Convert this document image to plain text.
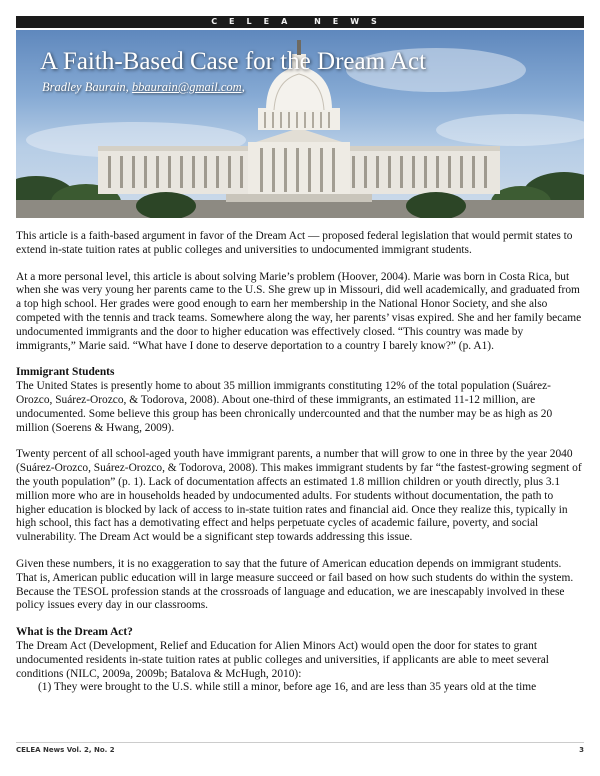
CELEA NEWS
A Faith-Based Case for the Dream Act
Bradley Baurain, bbaurain@gmail.com,

This article is a faith-based argument in favor of the Dream Act — proposed federal legislation that would permit states to extend in-state tuition rates at public colleges and universities to undocumented immigrant students.

At a more personal level, this article is about solving Marie’s problem (Hoover, 2004). Marie was born in Costa Rica, but when she was very young her parents came to the U.S. She grew up in Missouri, did well academically, and graduated from a top high school. Her grades were good enough to earn her membership in the National Honor Society, and she also competed with the tennis and track teams. Somewhere along the way, her parents’ visas expired. She and her family became undocumented immigrants and the door to higher education was effectively closed. “This country was made by immigrants,” Marie said. “What have I done to deserve deportation to a country I barely know?” (p. A1).

Immigrant Students

The United States is presently home to about 35 million immigrants constituting 12% of the total population (Suárez-Orozco, Suárez-Orozco, & Todorova, 2008). About one-third of these immigrants, an estimated 11-12 million, are undocumented. Some believe this group has been chronically undercounted and that the number may be as high as 20 million (Soerens & Hwang, 2009).

Twenty percent of all school-aged youth have immigrant parents, a number that will grow to one in three by the year 2040 (Suárez-Orozco, Suárez-Orozco, & Todorova, 2008). This makes immigrant students by far “the fastest-growing segment of the youth population” (p. 1). Lack of documentation affects an estimated 1.8 million children or youth directly, plus 3.1 million more who are in households headed by undocumented adults. For students without documentation, the path to higher education is blocked by lack of access to in-state tuition rates and financial aid. Once they realize this, typically in high school, this fact has a demotivating effect and helps perpetuate cycles of academic failure, poverty, and social vulnerability. The Dream Act would be a significant step towards addressing this issue.

Given these numbers, it is no exaggeration to say that the future of American education depends on immigrant students. That is, American public education will in large measure succeed or fail based on how such students do within the system. Because the TESOL profession stands at the crossroads of language and education, we are inescapably involved in these policy issues every day in our classrooms.

What is the Dream Act?

The Dream Act (Development, Relief and Education for Alien Minors Act) would open the door for states to grant undocumented residents in-state tuition rates at public colleges and universities, if applicants are able to meet several conditions (NILC, 2009a, 2009b; Batalova & McHugh, 2010):

(1) They were brought to the U.S. while still a minor, before age 16, and are less than 35 years old at the time

CELEA News Vol. 2, No. 2	3
